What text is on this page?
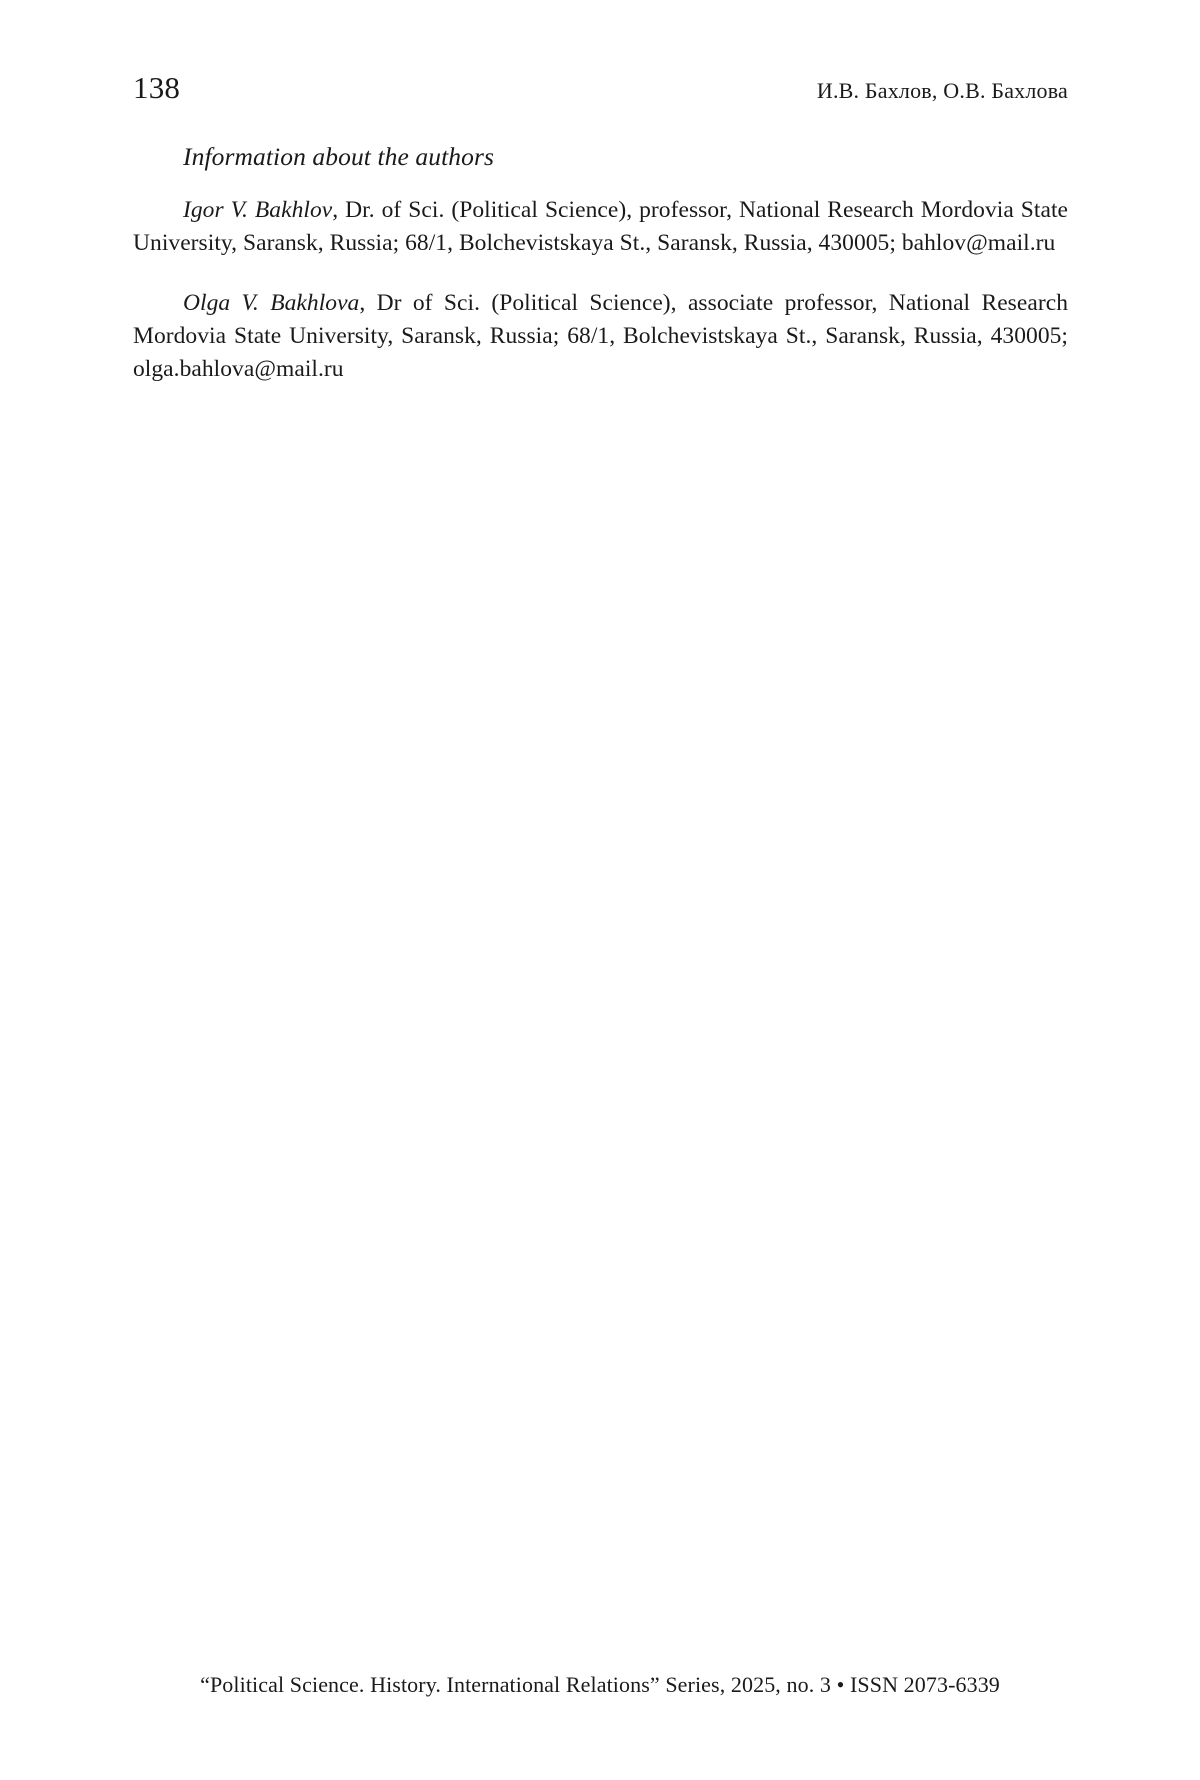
138	И.В. Бахлов, О.В. Бахлова
Information about the authors

Igor V. Bakhlov, Dr. of Sci. (Political Science), professor, National Research Mordovia State University, Saransk, Russia; 68/1, Bolchevistskaya St., Saransk, Russia, 430005; bahlov@mail.ru

Olga V. Bakhlova, Dr of Sci. (Political Science), associate professor, National Research Mordovia State University, Saransk, Russia; 68/1, Bolchevistskaya St., Saransk, Russia, 430005; olga.bahlova@mail.ru

“Political Science. History. International Relations” Series, 2025, no. 3 • ISSN 2073-6339
